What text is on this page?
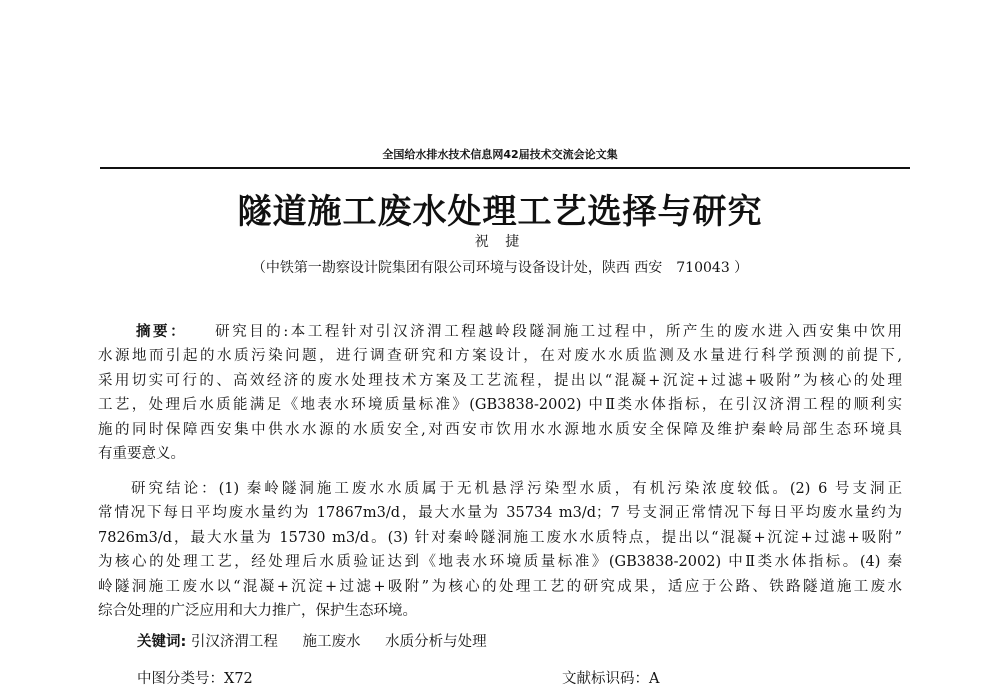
全国给水排水技术信息网42届技术交流会论文集
隧道施工废水处理工艺选择与研究
祝 捷
（中铁第一勘察设计院集团有限公司环境与设备设计处，陕西 西安　710043 ）
摘要： 研究目的:本工程针对引汉济渭工程越岭段隧洞施工过程中，所产生的废水进入西安集中饮用
水源地而引起的水质污染问题，进行调查研究和方案设计，在对废水水质监测及水量进行科学预测的前提下,
采用切实可行的、高效经济的废水处理技术方案及工艺流程，提出以“混凝+沉淀+过滤+吸附”为核心的处理
工艺，处理后水质能满足《地表水环境质量标准》(GB3838-2002) 中Ⅱ类水体指标，在引汉济渭工程的顺利实
施的同时保障西安集中供水水源的水质安全,对西安市饮用水水源地水质安全保障及维护秦岭局部生态环境具
有重要意义。
研究结论：(1) 秦岭隧洞施工废水水质属于无机悬浮污染型水质，有机污染浓度较低。(2) 6 号支洞正
常情况下每日平均废水量约为 17867m3/d，最大水量为 35734 m3/d；7 号支洞正常情况下每日平均废水量约为
7826m3/d，最大水量为 15730 m3/d。(3) 针对秦岭隧洞施工废水水质特点，提出以“混凝+沉淀+过滤+吸附”
为核心的处理工艺，经处理后水质验证达到《地表水环境质量标准》(GB3838-2002) 中Ⅱ类水体指标。(4) 秦
岭隧洞施工废水以“混凝+沉淀+过滤+吸附”为核心的处理工艺的研究成果，适应于公路、铁路隧道施工废水
综合处理的广泛应用和大力推广，保护生态环境。
关键词: 引汉济渭工程 施工废水 水质分析与处理
中图分类号：X72	文献标识码：A
